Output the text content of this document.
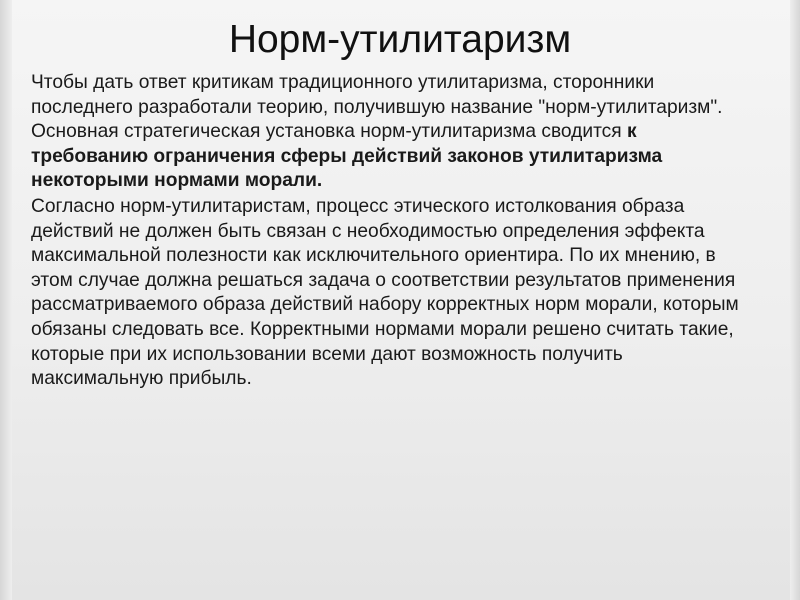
Норм-утилитаризм

Чтобы дать ответ критикам традиционного утилитаризма, сторонники последнего разработали теорию, получившую название "норм-утилитаризм". Основная стратегическая установка норм-утилитаризма сводится к требованию ограничения сферы действий законов утилитаризма некоторыми нормами морали.

Согласно норм-утилитаристам, процесс этического истолкования образа действий не должен быть связан с необходимостью определения эффекта максимальной полезности как исключительного ориентира. По их мнению, в этом случае должна решаться задача о соответствии результатов применения рассматриваемого образа действий набору корректных норм морали, которым обязаны следовать все. Корректными нормами морали решено считать такие, которые при их использовании всеми дают возможность получить максимальную прибыль.
